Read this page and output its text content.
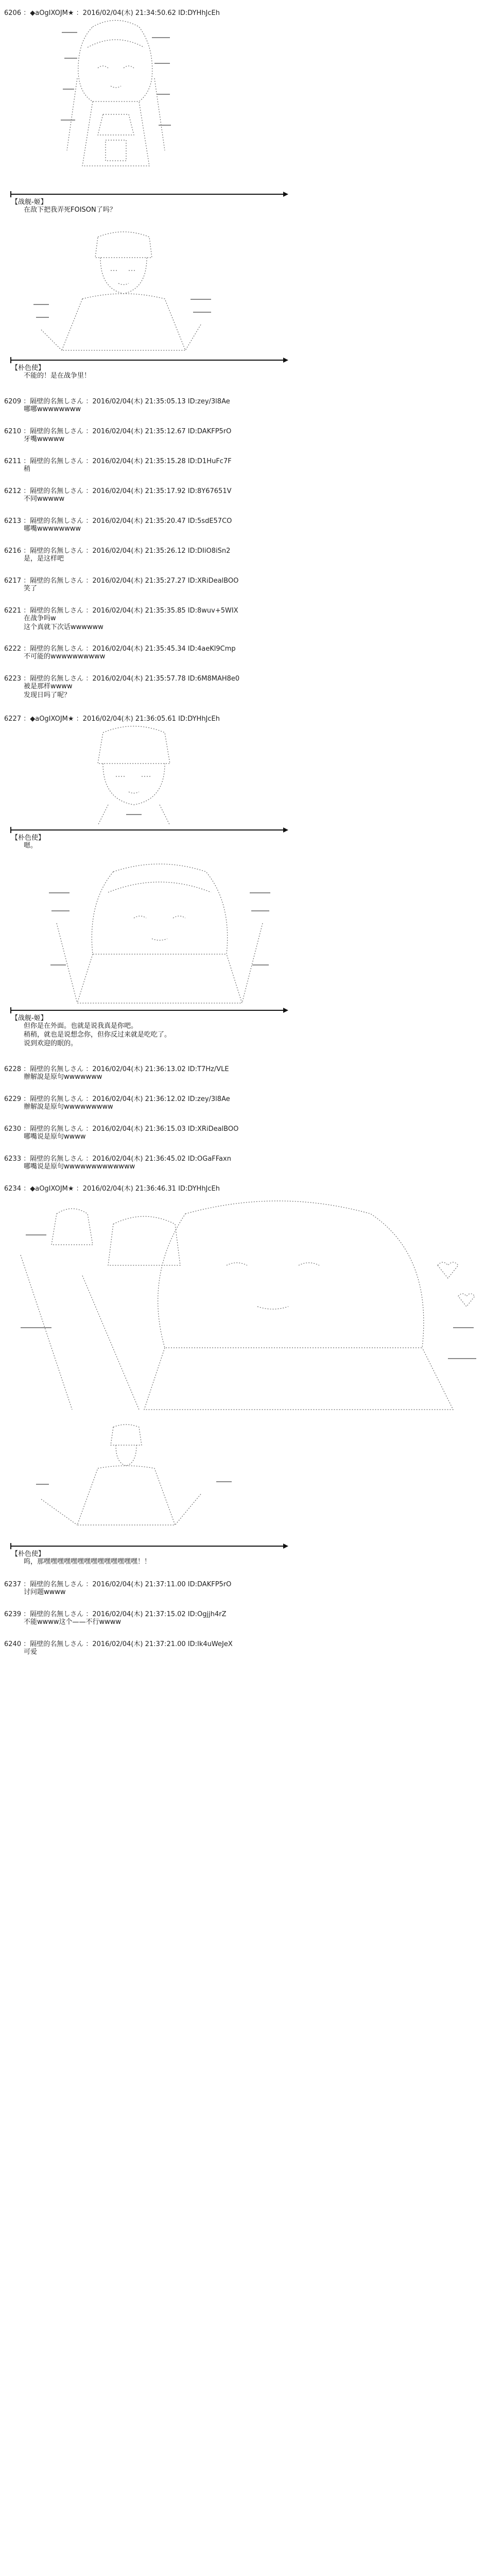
6206 ：◆aOgIXOJM★ ：2016/02/04(木) 21:34:50.62 ID:DYHhJcEh
【战舰-姬】
在敌下把我弄死FOISON了吗？
【朴色使】
不能的！是在战争里！
6209 ：隔壁的名無しさん ：2016/02/04(木) 21:35:05.13 ID:zey/3l8Ae
哪哪wwwwwwww
6210 ：隔壁的名無しさん ：2016/02/04(木) 21:35:12.67 ID:DAKFP5rO
牙嘴wwwww
6211 ：隔壁的名無しさん ：2016/02/04(木) 21:35:15.28 ID:D1HuFc7F
稍
6212 ：隔壁的名無しさん ：2016/02/04(木) 21:35:17.92 ID:8Y67651V
不同wwwww
6213 ：隔壁的名無しさん ：2016/02/04(木) 21:35:20.47 ID:5sdE57CO
哪嘴wwwwwwww
6216 ：隔壁的名無しさん ：2016/02/04(木) 21:35:26.12 ID:DIiO8iSn2
是，是这样吧
6217 ：隔壁的名無しさん ：2016/02/04(木) 21:35:27.27 ID:XRiDealBOO
笑了
6221 ：隔壁的名無しさん ：2016/02/04(木) 21:35:35.85 ID:8wuv+5WIX
在战争吗w
这个真就下次话wwwwww
6222 ：隔壁的名無しさん ：2016/02/04(木) 21:35:45.34 ID:4aeKl9Cmp
不可能的wwwwwwwwww
6223 ：隔壁的名無しさん ：2016/02/04(木) 21:35:57.78 ID:6M8MAH8e0
被是那样wwww
发现日吗了呢？
6227 ：◆aOgIXOJM★ ：2016/02/04(木) 21:36:05.61 ID:DYHhJcEh
【朴色使】
嗯。
【战舰-姬】
但你是在外面。也就是说我真是你吧。
稍稍，就也是说想念你，但你反过来就是吃吃了。
说到欢迎的眠的。
6228 ：隔壁的名無しさん ：2016/02/04(木) 21:36:13.02 ID:T7Hz/VLE
辦解說是原句wwwwwww
6229 ：隔壁的名無しさん ：2016/02/04(木) 21:36:12.02 ID:zey/3l8Ae
辦解說是原句wwwwwwwww
6230 ：隔壁的名無しさん ：2016/02/04(木) 21:36:15.03 ID:XRiDealBOO
哪嘴说是原句wwww
6233 ：隔壁的名無しさん ：2016/02/04(木) 21:36:45.02 ID:OGaFFaxn
哪嘴说是原句wwwwwwwwwwwww
6234 ：◆aOgIXOJM★ ：2016/02/04(木) 21:36:46.31 ID:DYHhJcEh
【朴色使】
呜，那嘿嘿嘿嘿嘿嘿嘿嘿嘿嘿嘿嘿嘿嘿！！
6237 ：隔壁的名無しさん ：2016/02/04(木) 21:37:11.00 ID:DAKFP5rO
讨问题wwww
6239 ：隔壁的名無しさん ：2016/02/04(木) 21:37:15.02 ID:Ogjjh4rZ
不能wwww这个——不行wwww
6240 ：隔壁的名無しさん ：2016/02/04(木) 21:37:21.00 ID:Ik4uWeJeX
可爱
